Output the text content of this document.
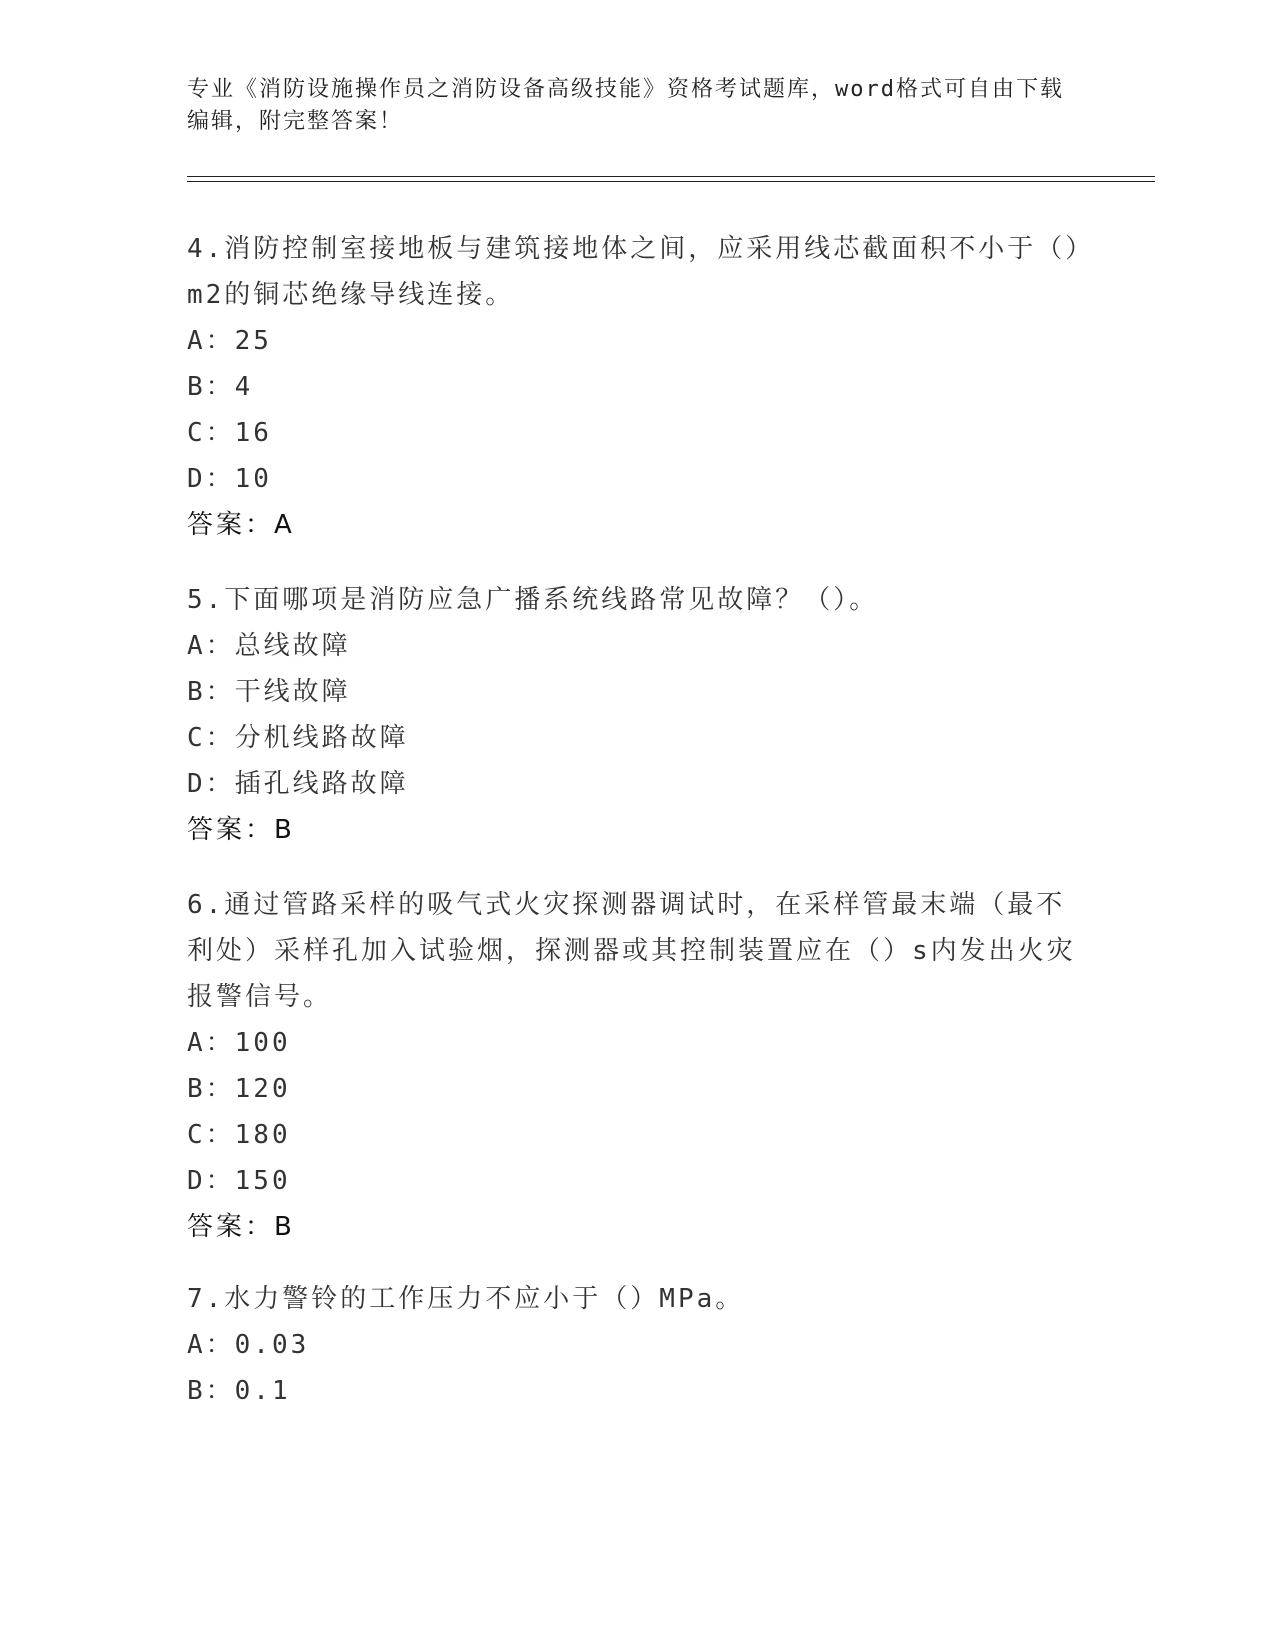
专业《消防设施操作员之消防设备高级技能》资格考试题库，word格式可自由下载编辑，附完整答案！

4.消防控制室接地板与建筑接地体之间，应采用线芯截面积不小于（）m2的铜芯绝缘导线连接。

A：25

B：4

C：16

D：10

答案：A

5.下面哪项是消防应急广播系统线路常见故障？（）。

A：总线故障

B：干线故障

C：分机线路故障

D：插孔线路故障

答案：B

6.通过管路采样的吸气式火灾探测器调试时，在采样管最末端（最不利处）采样孔加入试验烟，探测器或其控制装置应在（）s内发出火灾报警信号。

A：100

B：120

C：180

D：150

答案：B

7.水力警铃的工作压力不应小于（）MPa。

A：0.03

B：0.1
